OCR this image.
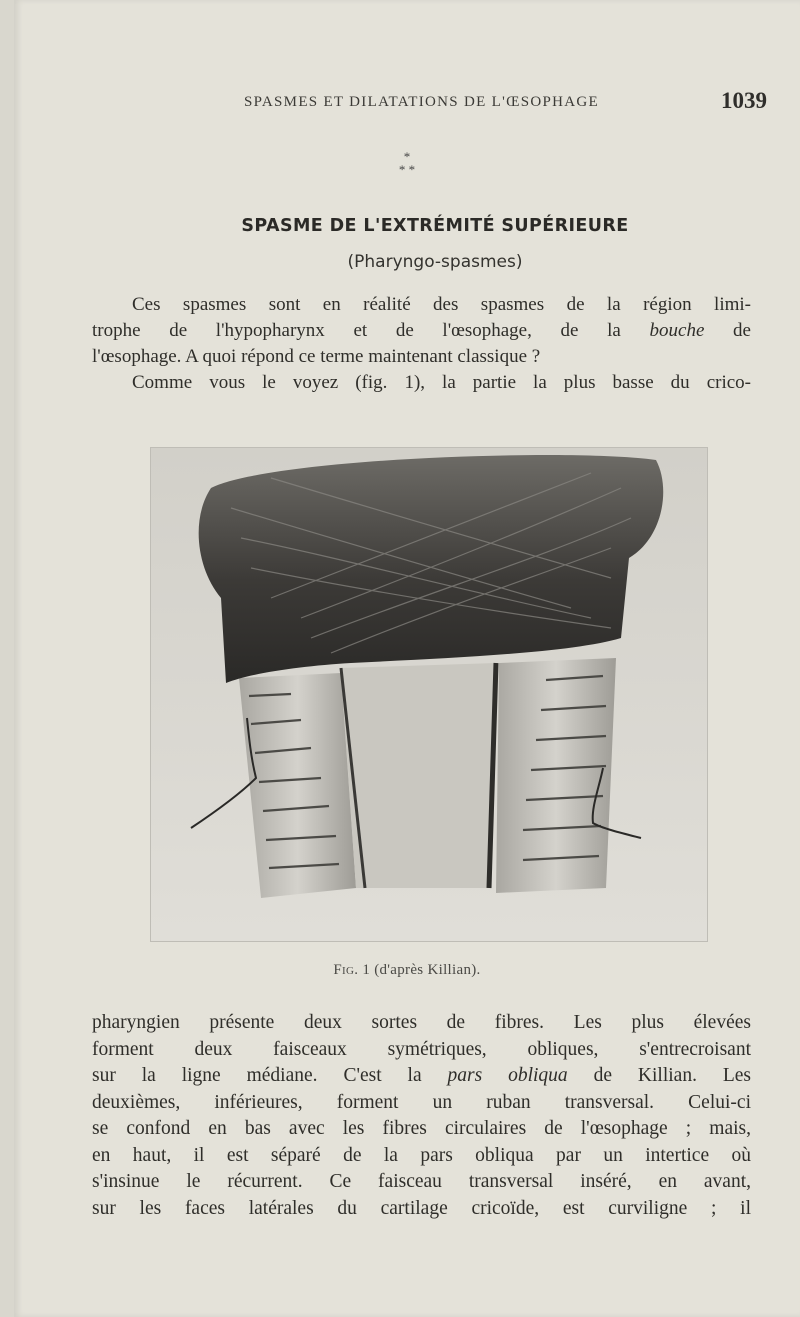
SPASMES ET DILATATIONS DE L'ŒSOPHAGE	1039
*
* *
SPASME DE L'EXTRÉMITÉ SUPÉRIEURE
(Pharyngo-spasmes)
Ces spasmes sont en réalité des spasmes de la région limi-
trophe de l'hypopharynx et de l'œsophage, de la bouche de
l'œsophage. A quoi répond ce terme maintenant classique ?
Comme vous le voyez (fig. 1), la partie la plus basse du crico-
Fig. 1 (d'après Killian).
pharyngien présente deux sortes de fibres. Les plus élevées
forment deux faisceaux symétriques, obliques, s'entrecroisant
sur la ligne médiane. C'est la pars obliqua de Killian. Les
deuxièmes, inférieures, forment un ruban transversal. Celui-ci
se confond en bas avec les fibres circulaires de l'œsophage ; mais,
en haut, il est séparé de la pars obliqua par un intertice où
s'insinue le récurrent. Ce faisceau transversal inséré, en avant,
sur les faces latérales du cartilage cricoïde, est curviligne ; il
